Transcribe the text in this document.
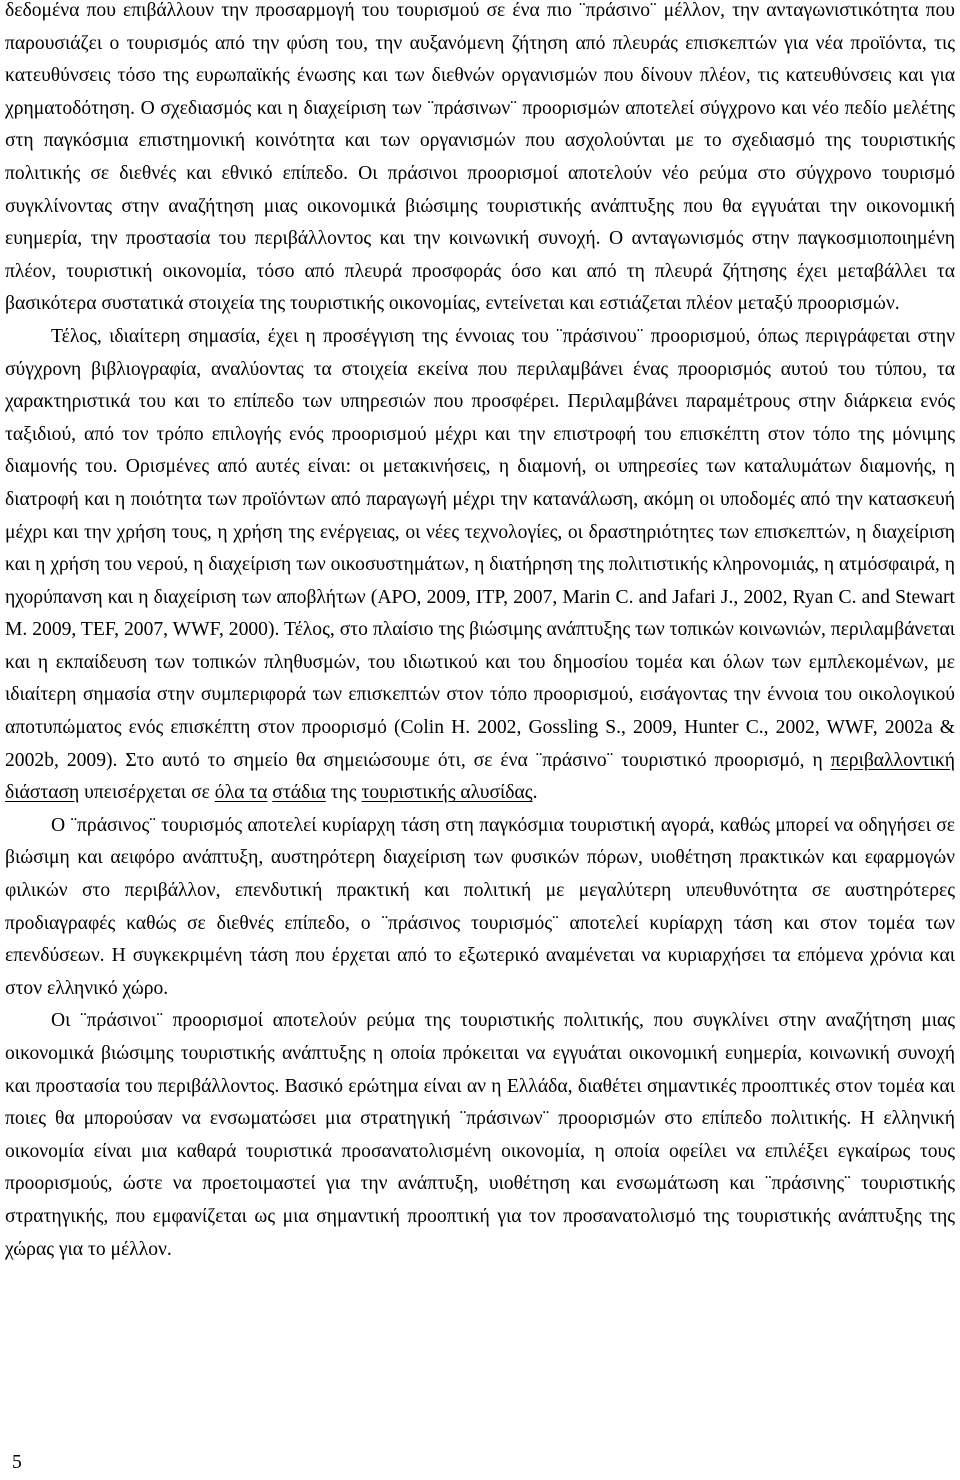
δεδομένα που επιβάλλουν την προσαρμογή του τουρισμού σε ένα πιο ¨πράσινο¨ μέλλον, την ανταγωνιστικότητα που παρουσιάζει ο τουρισμός από την φύση του, την αυξανόμενη ζήτηση από πλευράς επισκεπτών για νέα προϊόντα, τις κατευθύνσεις τόσο της ευρωπαϊκής ένωσης και των διεθνών οργανισμών που δίνουν πλέον, τις κατευθύνσεις και για χρηματοδότηση. Ο σχεδιασμός και η διαχείριση των ¨πράσινων¨ προορισμών αποτελεί σύγχρονο και νέο πεδίο μελέτης στη παγκόσμια επιστημονική κοινότητα και των οργανισμών που ασχολούνται με το σχεδιασμό της τουριστικής πολιτικής σε διεθνές και εθνικό επίπεδο. Οι πράσινοι προορισμοί αποτελούν νέο ρεύμα στο σύγχρονο τουρισμό συγκλίνοντας στην αναζήτηση μιας οικονομικά βιώσιμης τουριστικής ανάπτυξης που θα εγγυάται την οικονομική ευημερία, την προστασία του περιβάλλοντος και την κοινωνική συνοχή. Ο ανταγωνισμός στην παγκοσμιοποιημένη πλέον, τουριστική οικονομία, τόσο από πλευρά προσφοράς όσο και από τη πλευρά ζήτησης έχει μεταβάλλει τα βασικότερα συστατικά στοιχεία της τουριστικής οικονομίας, εντείνεται και εστιάζεται πλέον μεταξύ προορισμών.

Τέλος, ιδιαίτερη σημασία, έχει η προσέγγιση της έννοιας του ¨πράσινου¨ προορισμού, όπως περιγράφεται στην σύγχρονη βιβλιογραφία, αναλύοντας τα στοιχεία εκείνα που περιλαμβάνει ένας προορισμός αυτού του τύπου, τα χαρακτηριστικά του και το επίπεδο των υπηρεσιών που προσφέρει. Περιλαμβάνει παραμέτρους στην διάρκεια ενός ταξιδιού, από τον τρόπο επιλογής ενός προορισμού μέχρι και την επιστροφή του επισκέπτη στον τόπο της μόνιμης διαμονής του. Ορισμένες από αυτές είναι: οι μετακινήσεις, η διαμονή, οι υπηρεσίες των καταλυμάτων διαμονής, η διατροφή και η ποιότητα των προϊόντων από παραγωγή μέχρι την κατανάλωση, ακόμη οι υποδομές από την κατασκευή μέχρι και την χρήση τους, η χρήση της ενέργειας, οι νέες τεχνολογίες, οι δραστηριότητες των επισκεπτών, η διαχείριση και η χρήση του νερού, η διαχείριση των οικοσυστημάτων, η διατήρηση της πολιτιστικής κληρονομιάς, η ατμόσφαιρά, η ηχορύπανση και η διαχείριση των αποβλήτων (APO, 2009, ITP, 2007, Marin C. and Jafari J., 2002, Ryan C. and Stewart M. 2009, TEF, 2007, WWF, 2000). Τέλος, στο πλαίσιο της βιώσιμης ανάπτυξης των τοπικών κοινωνιών, περιλαμβάνεται και η εκπαίδευση των τοπικών πληθυσμών, του ιδιωτικού και του δημοσίου τομέα και όλων των εμπλεκομένων, με ιδιαίτερη σημασία στην συμπεριφορά των επισκεπτών στον τόπο προορισμού, εισάγοντας την έννοια του οικολογικού αποτυπώματος ενός επισκέπτη στον προορισμό (Colin H. 2002, Gossling S., 2009, Hunter C., 2002, WWF, 2002a & 2002b, 2009). Στο αυτό το σημείο θα σημειώσουμε ότι, σε ένα ¨πράσινο¨ τουριστικό προορισμό, η περιβαλλοντική διάσταση υπεισέρχεται σε όλα τα στάδια της τουριστικής αλυσίδας.

Ο ¨πράσινος¨ τουρισμός αποτελεί κυρίαρχη τάση στη παγκόσμια τουριστική αγορά, καθώς μπορεί να οδηγήσει σε βιώσιμη και αειφόρο ανάπτυξη, αυστηρότερη διαχείριση των φυσικών πόρων, υιοθέτηση πρακτικών και εφαρμογών φιλικών στο περιβάλλον, επενδυτική πρακτική και πολιτική με μεγαλύτερη υπευθυνότητα σε αυστηρότερες προδιαγραφές καθώς σε διεθνές επίπεδο, ο ¨πράσινος τουρισμός¨ αποτελεί κυρίαρχη τάση και στον τομέα των επενδύσεων. Η συγκεκριμένη τάση που έρχεται από το εξωτερικό αναμένεται να κυριαρχήσει τα επόμενα χρόνια και στον ελληνικό χώρο.

Οι ¨πράσινοι¨ προορισμοί αποτελούν ρεύμα της τουριστικής πολιτικής, που συγκλίνει στην αναζήτηση μιας οικονομικά βιώσιμης τουριστικής ανάπτυξης η οποία πρόκειται να εγγυάται οικονομική ευημερία, κοινωνική συνοχή και προστασία του περιβάλλοντος. Βασικό ερώτημα είναι αν η Ελλάδα, διαθέτει σημαντικές προοπτικές στον τομέα και ποιες θα μπορούσαν να ενσωματώσει μια στρατηγική ¨πράσινων¨ προορισμών στο επίπεδο πολιτικής. Η ελληνική οικονομία είναι μια καθαρά τουριστικά προσανατολισμένη οικονομία, η οποία οφείλει να επιλέξει εγκαίρως τους προορισμούς, ώστε να προετοιμαστεί για την ανάπτυξη, υιοθέτηση και ενσωμάτωση και ¨πράσινης¨ τουριστικής στρατηγικής, που εμφανίζεται ως μια σημαντική προοπτική για τον προσανατολισμό της τουριστικής ανάπτυξης της χώρας για το μέλλον.

5
